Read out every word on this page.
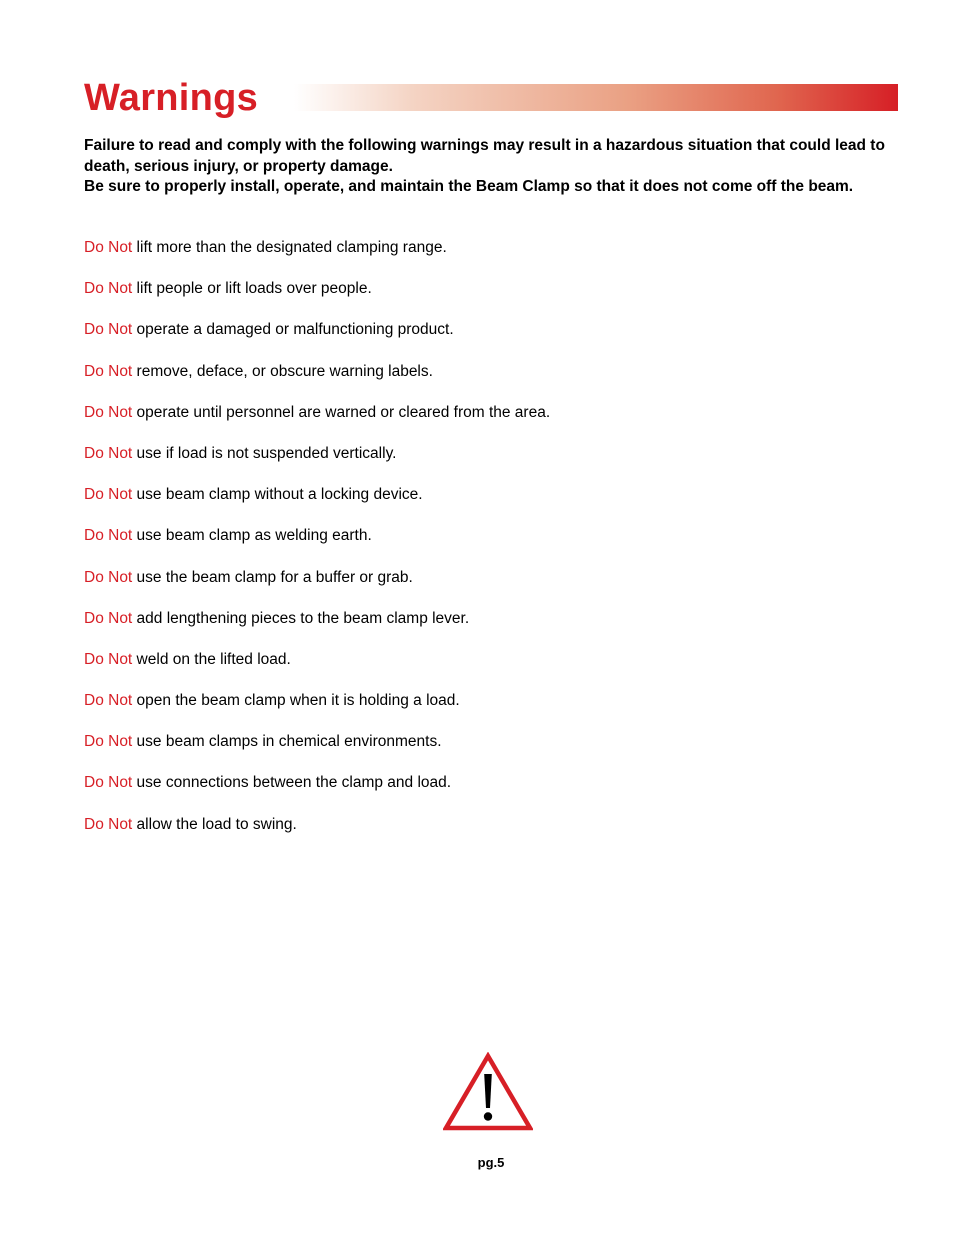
Warnings

Failure to read and comply with the following warnings may result in a hazardous situation that could lead to death, serious injury, or property damage.

Be sure to properly install, operate, and maintain the Beam Clamp so that it does not come off the beam.

Do Not lift more than the designated clamping range.
Do Not lift people or lift loads over people.
Do Not operate a damaged or malfunctioning product.
Do Not remove, deface, or obscure warning labels.
Do Not operate until personnel are warned or cleared from the area.
Do Not use if load is not suspended vertically.
Do Not use beam clamp without a locking device.
Do Not use beam clamp as welding earth.
Do Not use the beam clamp for a buffer or grab.
Do Not add lengthening pieces to the beam clamp lever.
Do Not weld on the lifted load.
Do Not open the beam clamp when it is holding a load.
Do Not use beam clamps in chemical environments.
Do Not use connections between the clamp and load.
Do Not allow the load to swing.
pg.5
